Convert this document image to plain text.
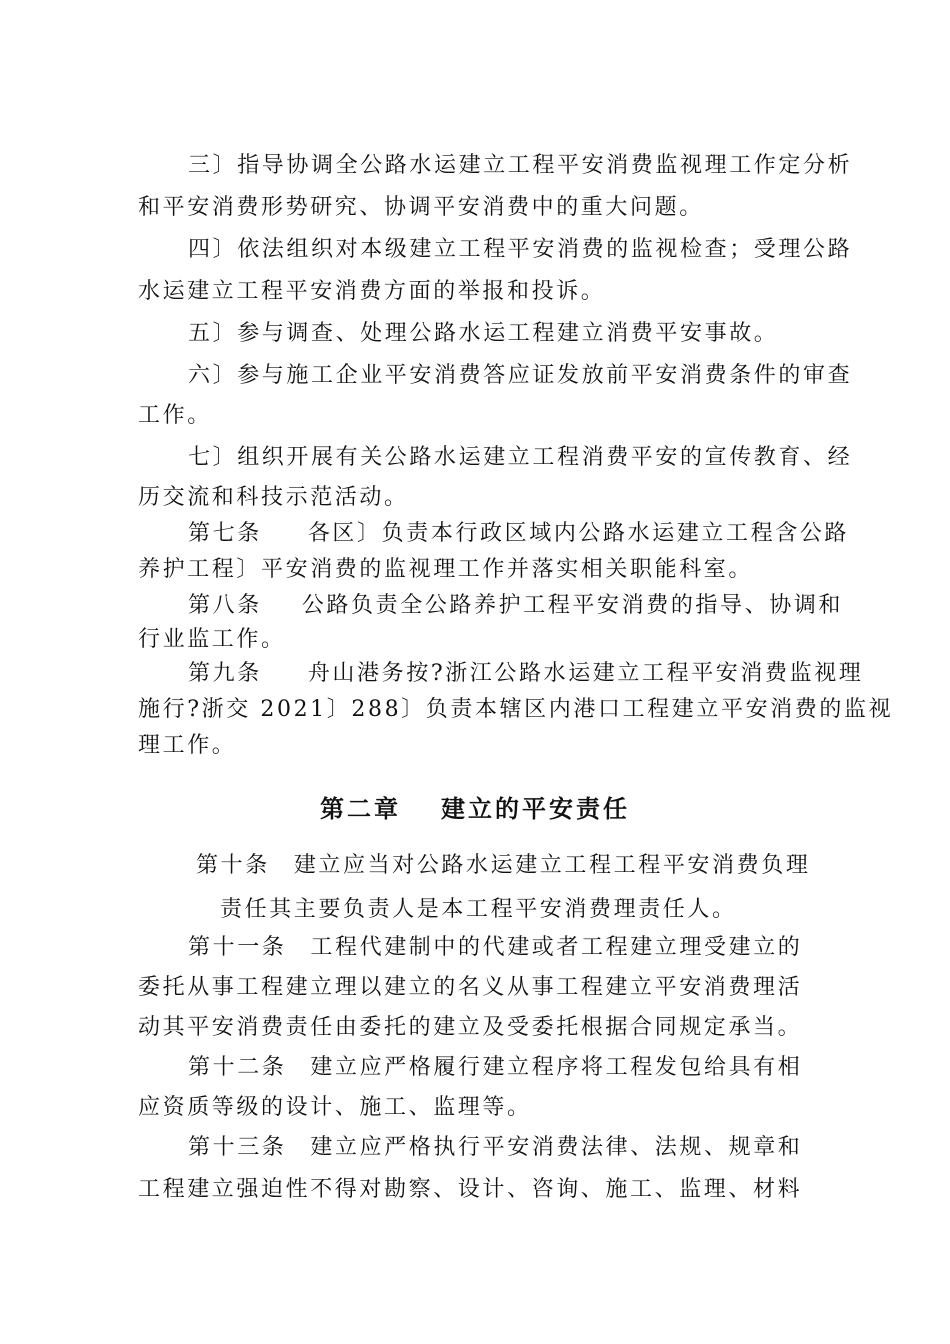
三〕指导协调全公路水运建立工程平安消费监视理工作定分析
和平安消费形势研究、协调平安消费中的重大问题。
四〕依法组织对本级建立工程平安消费的监视检查；受理公路
水运建立工程平安消费方面的举报和投诉。
五〕参与调查、处理公路水运工程建立消费平安事故。
六〕参与施工企业平安消费答应证发放前平安消费条件的审查
工作。
七〕组织开展有关公路水运建立工程消费平安的宣传教育、经
历交流和科技示范活动。
第七条 各区〕负责本行政区域内公路水运建立工程含公路
养护工程〕平安消费的监视理工作并落实相关职能科室。
第八条 公路负责全公路养护工程平安消费的指导、协调和
行业监工作。
第九条 舟山港务按?浙江公路水运建立工程平安消费监视理
施行?浙交 2021〕288〕负责本辖区内港口工程建立平安消费的监视
理工作。
第二章 建立的平安责任
第十条 建立应当对公路水运建立工程工程平安消费负理
责任其主要负责人是本工程平安消费理责任人。
第十一条 工程代建制中的代建或者工程建立理受建立的
委托从事工程建立理以建立的名义从事工程建立平安消费理活
动其平安消费责任由委托的建立及受委托根据合同规定承当。
第十二条 建立应严格履行建立程序将工程发包给具有相
应资质等级的设计、施工、监理等。
第十三条 建立应严格执行平安消费法律、法规、规章和
工程建立强迫性不得对勘察、设计、咨询、施工、监理、材料
